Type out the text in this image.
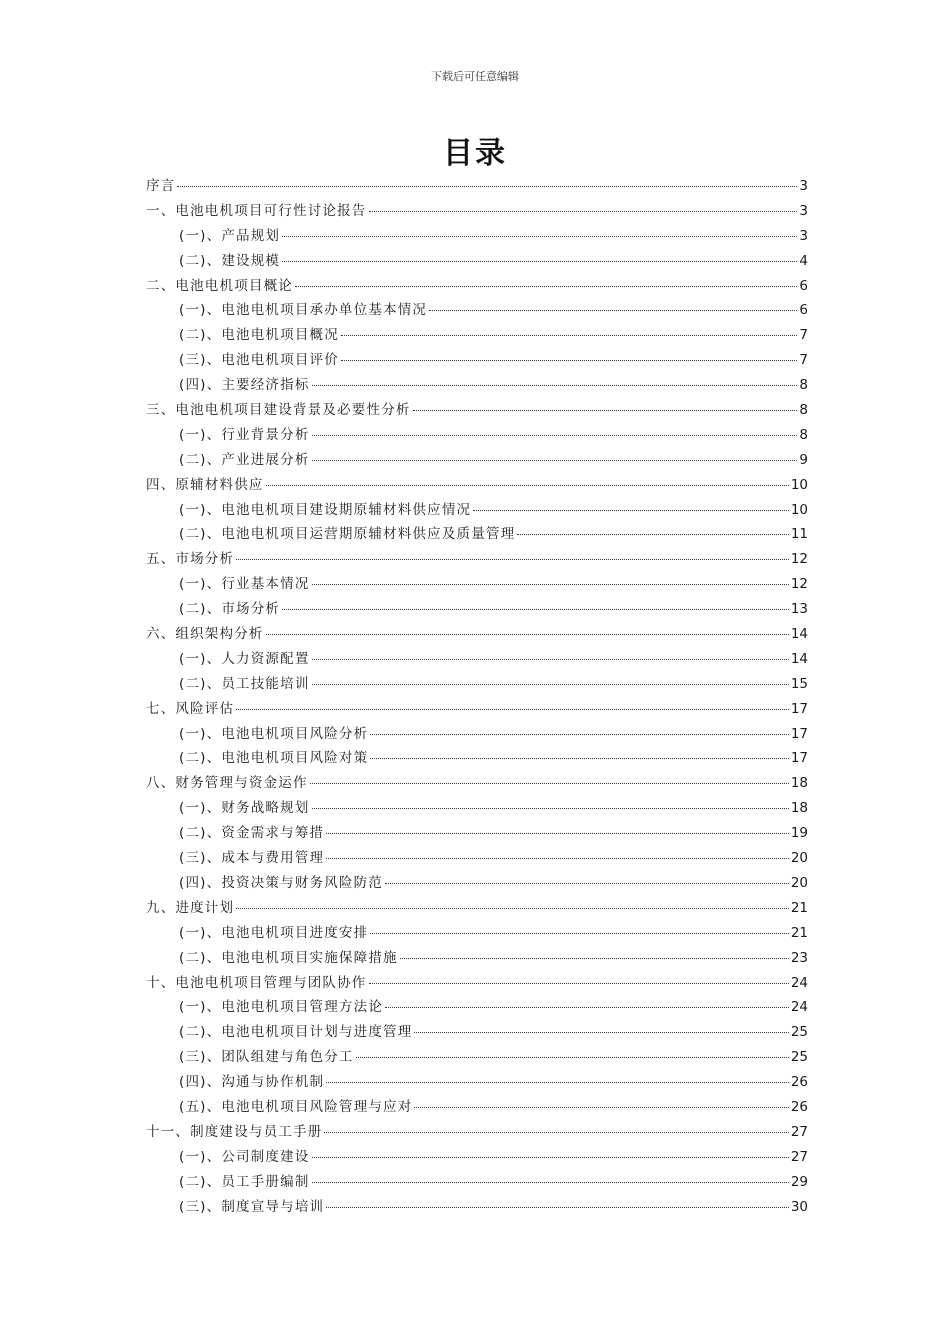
下载后可任意编辑
目录
序言	3
一、电池电机项目可行性讨论报告	3
(一)、产品规划	3
(二)、建设规模	4
二、电池电机项目概论	6
(一)、电池电机项目承办单位基本情况	6
(二)、电池电机项目概况	7
(三)、电池电机项目评价	7
(四)、主要经济指标	8
三、电池电机项目建设背景及必要性分析	8
(一)、行业背景分析	8
(二)、产业进展分析	9
四、原辅材料供应	10
(一)、电池电机项目建设期原辅材料供应情况	10
(二)、电池电机项目运营期原辅材料供应及质量管理	11
五、市场分析	12
(一)、行业基本情况	12
(二)、市场分析	13
六、组织架构分析	14
(一)、人力资源配置	14
(二)、员工技能培训	15
七、风险评估	17
(一)、电池电机项目风险分析	17
(二)、电池电机项目风险对策	17
八、财务管理与资金运作	18
(一)、财务战略规划	18
(二)、资金需求与筹措	19
(三)、成本与费用管理	20
(四)、投资决策与财务风险防范	20
九、进度计划	21
(一)、电池电机项目进度安排	21
(二)、电池电机项目实施保障措施	23
十、电池电机项目管理与团队协作	24
(一)、电池电机项目管理方法论	24
(二)、电池电机项目计划与进度管理	25
(三)、团队组建与角色分工	25
(四)、沟通与协作机制	26
(五)、电池电机项目风险管理与应对	26
十一、制度建设与员工手册	27
(一)、公司制度建设	27
(二)、员工手册编制	29
(三)、制度宣导与培训	30
